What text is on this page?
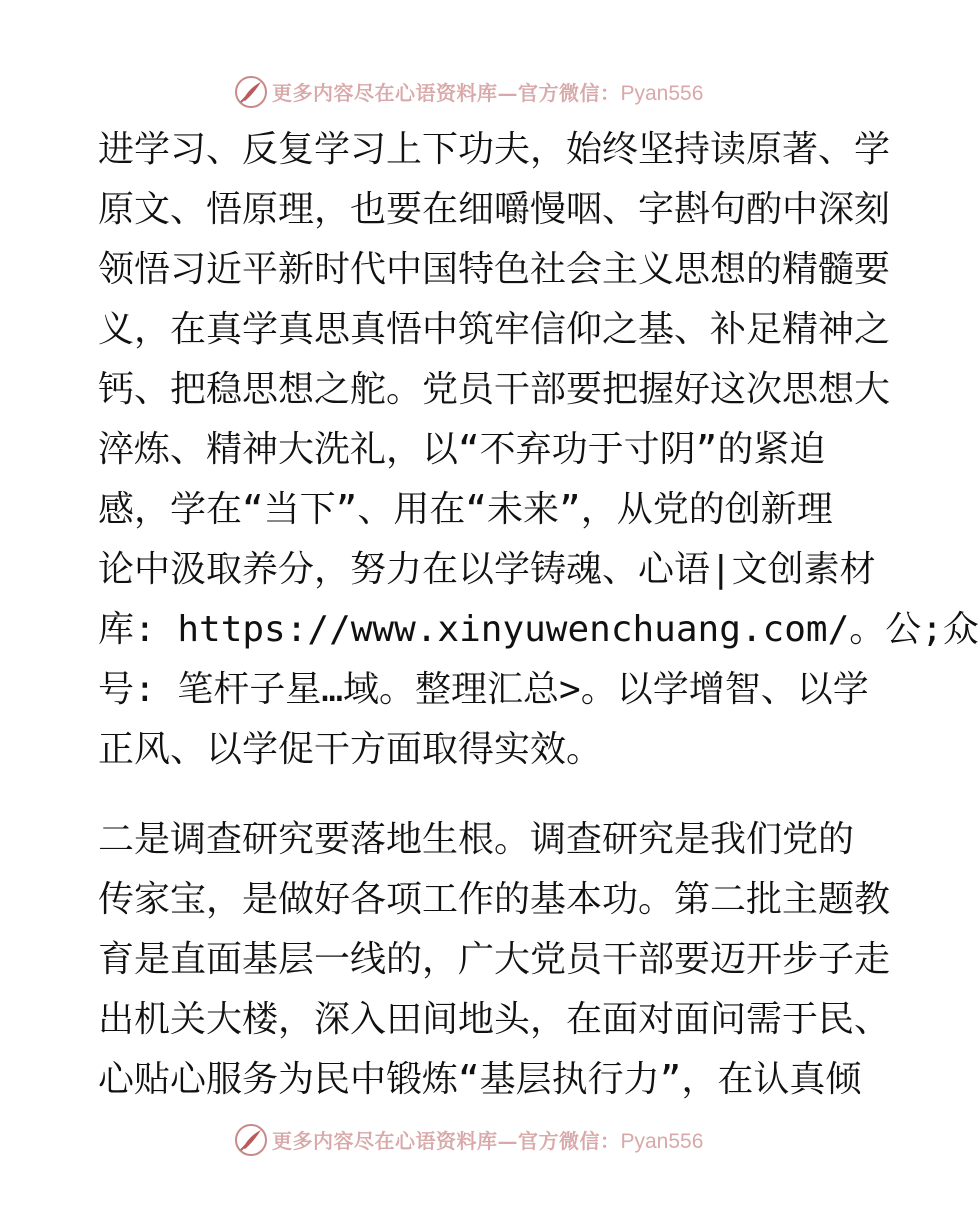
更多内容尽在心语资料库—官方微信：Pyan556
进学习、反复学习上下功夫，始终坚持读原著、学
原文、悟原理，也要在细嚼慢咽、字斟句酌中深刻
领悟习近平新时代中国特色社会主义思想的精髓要
义，在真学真思真悟中筑牢信仰之基、补足精神之
钙、把稳思想之舵。党员干部要把握好这次思想大
淬炼、精神大洗礼，以“不弃功于寸阴”的紧迫
感，学在“当下”、用在“未来”，从党的创新理
论中汲取养分，努力在以学铸魂、心语|文创素材
库: https://www.xinyuwenchuang.com/。公;众
号: 笔杆子星…域。整理汇总>。以学增智、以学
正风、以学促干方面取得实效。
二是调查研究要落地生根。调查研究是我们党的
传家宝，是做好各项工作的基本功。第二批主题教
育是直面基层一线的，广大党员干部要迈开步子走
出机关大楼，深入田间地头，在面对面问需于民、
心贴心服务为民中锻炼“基层执行力”，在认真倾
更多内容尽在心语资料库—官方微信：Pyan556
